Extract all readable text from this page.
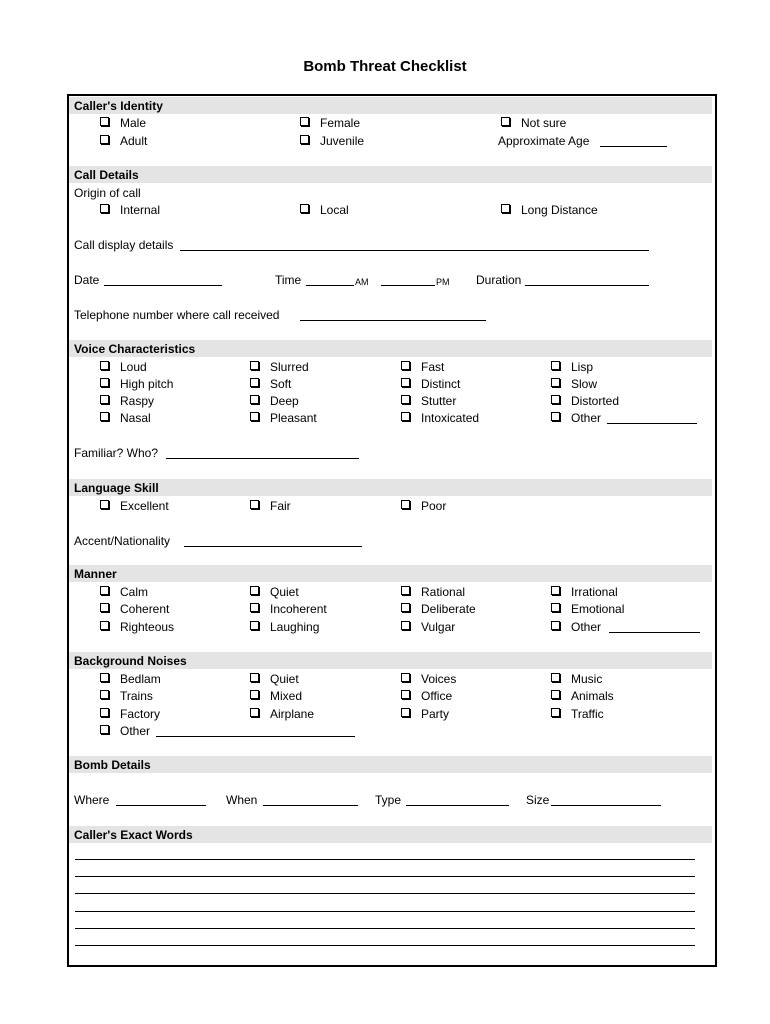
Bomb Threat Checklist
Caller's Identity
Male	Female	Not sure
Adult	Juvenile	Approximate Age
Call Details
Origin of call
Internal	Local	Long Distance
Call display details
Date	Time	AM	PM Duration
Telephone number where call received
Voice Characteristics
Loud	Slurred	Fast	Lisp
High pitch	Soft	Distinct	Slow
Raspy	Deep	Stutter	Distorted
Nasal	Pleasant	Intoxicated	Other
Familiar? Who?
Language Skill
Excellent	Fair	Poor
Accent/Nationality
Manner
Calm	Quiet	Rational	Irrational
Coherent	Incoherent	Deliberate	Emotional
Righteous	Laughing	Vulgar	Other
Background Noises
Bedlam	Quiet	Voices	Music
Trains	Mixed	Office	Animals
Factory	Airplane	Party	Traffic
Other
Bomb Details
Where	When	Type	Size
Caller's Exact Words
